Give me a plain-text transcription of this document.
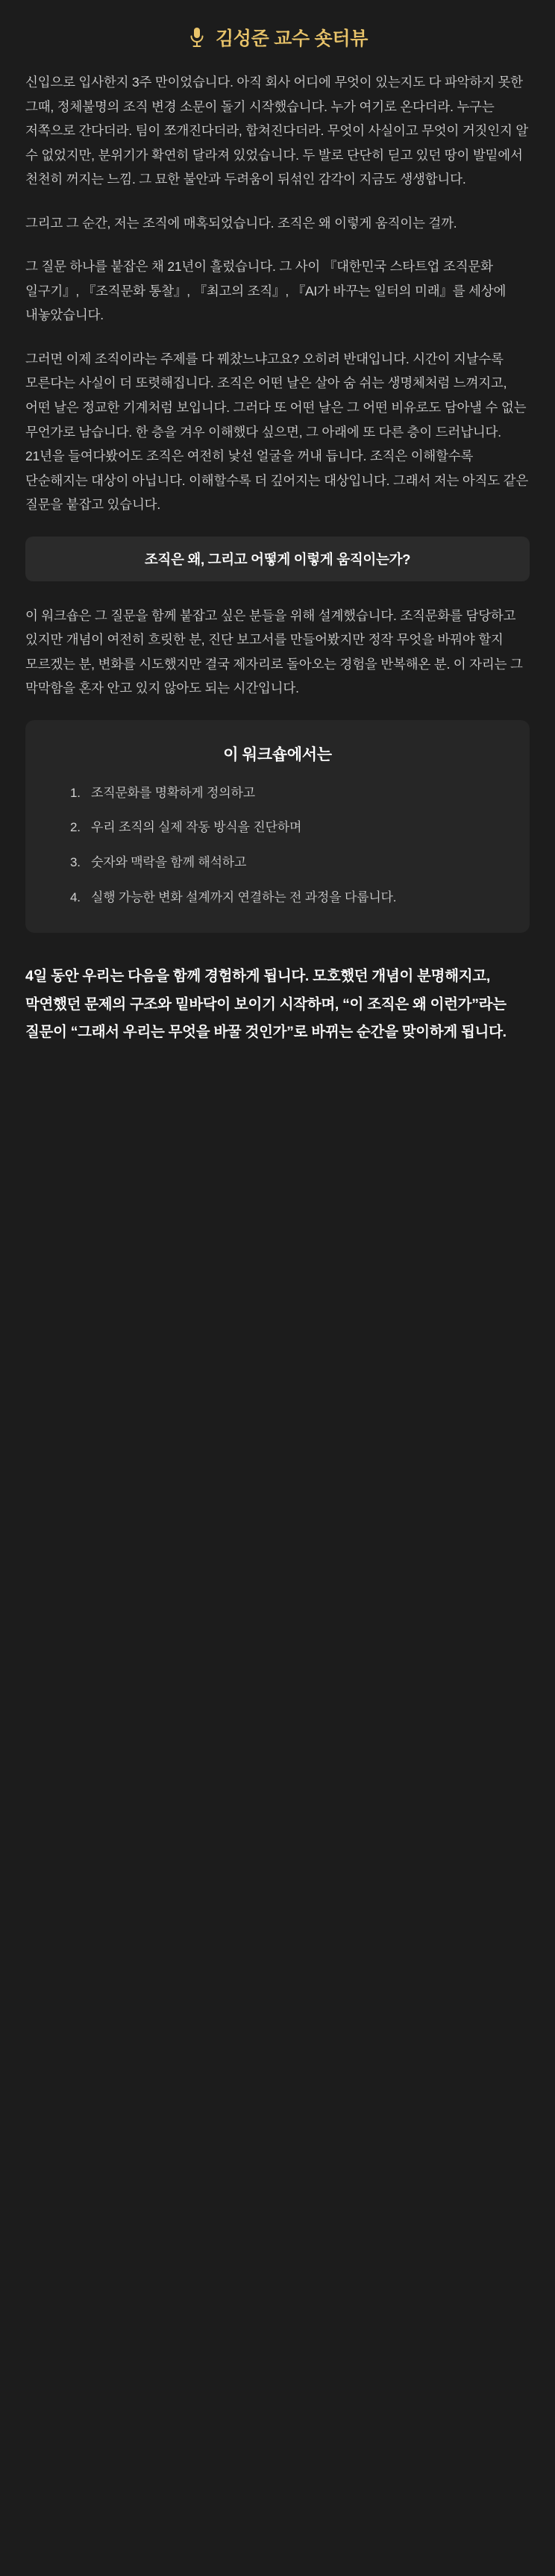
김성준 교수 숏터뷰

신입으로 입사한지 3주 만이었습니다. 아직 회사 어디에 무엇이 있는지도 다 파악하지 못한 그때, 정체불명의 조직 변경 소문이 돌기 시작했습니다. 누가 여기로 온다더라. 누구는 저쪽으로 간다더라. 팀이 쪼개진다더라, 합쳐진다더라. 무엇이 사실이고 무엇이 거짓인지 알 수 없었지만, 분위기가 확연히 달라져 있었습니다. 두 발로 단단히 딛고 있던 땅이 발밑에서 천천히 꺼지는 느낌. 그 묘한 불안과 두려움이 뒤섞인 감각이 지금도 생생합니다.

그리고 그 순간, 저는 조직에 매혹되었습니다. 조직은 왜 이렇게 움직이는 걸까.

그 질문 하나를 붙잡은 채 21년이 흘렀습니다. 그 사이 『대한민국 스타트업 조직문화 일구기』, 『조직문화 통찰』, 『최고의 조직』, 『AI가 바꾸는 일터의 미래』를 세상에 내놓았습니다.

그러면 이제 조직이라는 주제를 다 꿰찼느냐고요? 오히려 반대입니다. 시간이 지날수록 모른다는 사실이 더 또렷해집니다. 조직은 어떤 날은 살아 숨 쉬는 생명체처럼 느껴지고, 어떤 날은 정교한 기계처럼 보입니다. 그러다 또 어떤 날은 그 어떤 비유로도 담아낼 수 없는 무언가로 남습니다. 한 층을 겨우 이해했다 싶으면, 그 아래에 또 다른 층이 드러납니다. 21년을 들여다봤어도 조직은 여전히 낯선 얼굴을 꺼내 듭니다. 조직은 이해할수록 단순해지는 대상이 아닙니다. 이해할수록 더 깊어지는 대상입니다. 그래서 저는 아직도 같은 질문을 붙잡고 있습니다.

조직은 왜, 그리고 어떻게 이렇게 움직이는가?

이 워크숍은 그 질문을 함께 붙잡고 싶은 분들을 위해 설계했습니다. 조직문화를 담당하고 있지만 개념이 여전히 흐릿한 분, 진단 보고서를 만들어봤지만 정작 무엇을 바꿔야 할지 모르겠는 분, 변화를 시도했지만 결국 제자리로 돌아오는 경험을 반복해온 분. 이 자리는 그 막막함을 혼자 안고 있지 않아도 되는 시간입니다.

이 워크숍에서는
조직문화를 명확하게 정의하고
우리 조직의 실제 작동 방식을 진단하며
숫자와 맥락을 함께 해석하고
실행 가능한 변화 설계까지 연결하는 전 과정을 다룹니다.

4일 동안 우리는 다음을 함께 경험하게 됩니다. 모호했던 개념이 분명해지고, 막연했던 문제의 구조와 밑바닥이 보이기 시작하며, “이 조직은 왜 이런가”라는 질문이 “그래서 우리는 무엇을 바꿀 것인가”로 바뀌는 순간을 맞이하게 됩니다.
